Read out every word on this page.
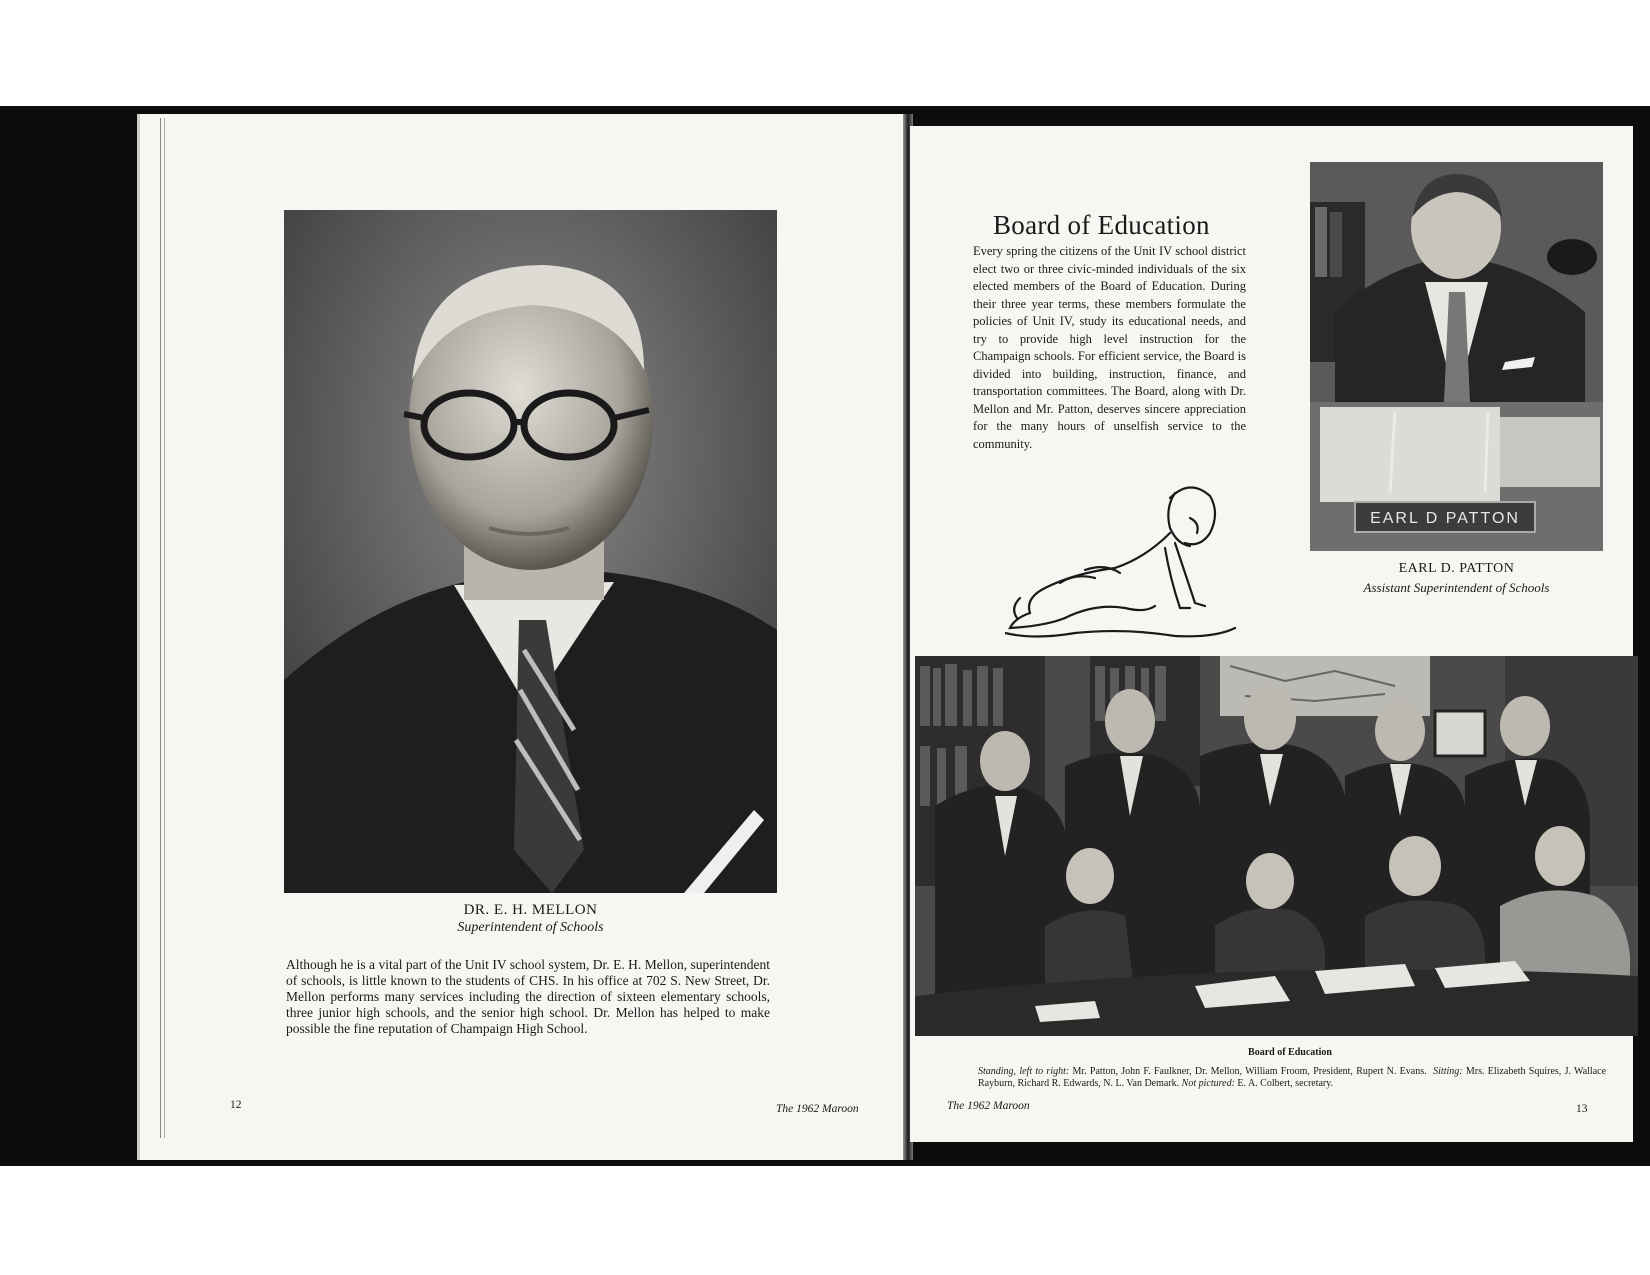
DR. E. H. MELLON
Superintendent of Schools

Although he is a vital part of the Unit IV school system, Dr. E. H. Mellon, superintendent of schools, is little known to the students of CHS. In his office at 702 S. New Street, Dr. Mellon performs many services including the direction of sixteen elementary schools, three junior high schools, and the senior high school. Dr. Mellon has helped to make possible the fine reputation of Champaign High School.

12	The 1962 Maroon
Board of Education

Every spring the citizens of the Unit IV school district elect two or three civic-minded individuals of the six elected members of the Board of Education. During their three year terms, these members formulate the policies of Unit IV, study its educational needs, and try to provide high level instruction for the Champaign schools. For efficient service, the Board is divided into building, instruction, finance, and transportation committees. The Board, along with Dr. Mellon and Mr. Patton, deserves sincere appreciation for the many hours of unselfish service to the community.

EARL D PATTON
EARL D. PATTON
Assistant Superintendent of Schools
Board of Education

Standing, left to right: Mr. Patton, John F. Faulkner, Dr. Mellon, William Froom, President, Rupert N. Evans. Sitting: Mrs. Elizabeth Squires, J. Wallace Rayburn, Richard R. Edwards, N. L. Van Demark. Not pictured: E. A. Colbert, secretary.

The 1962 Maroon	13
